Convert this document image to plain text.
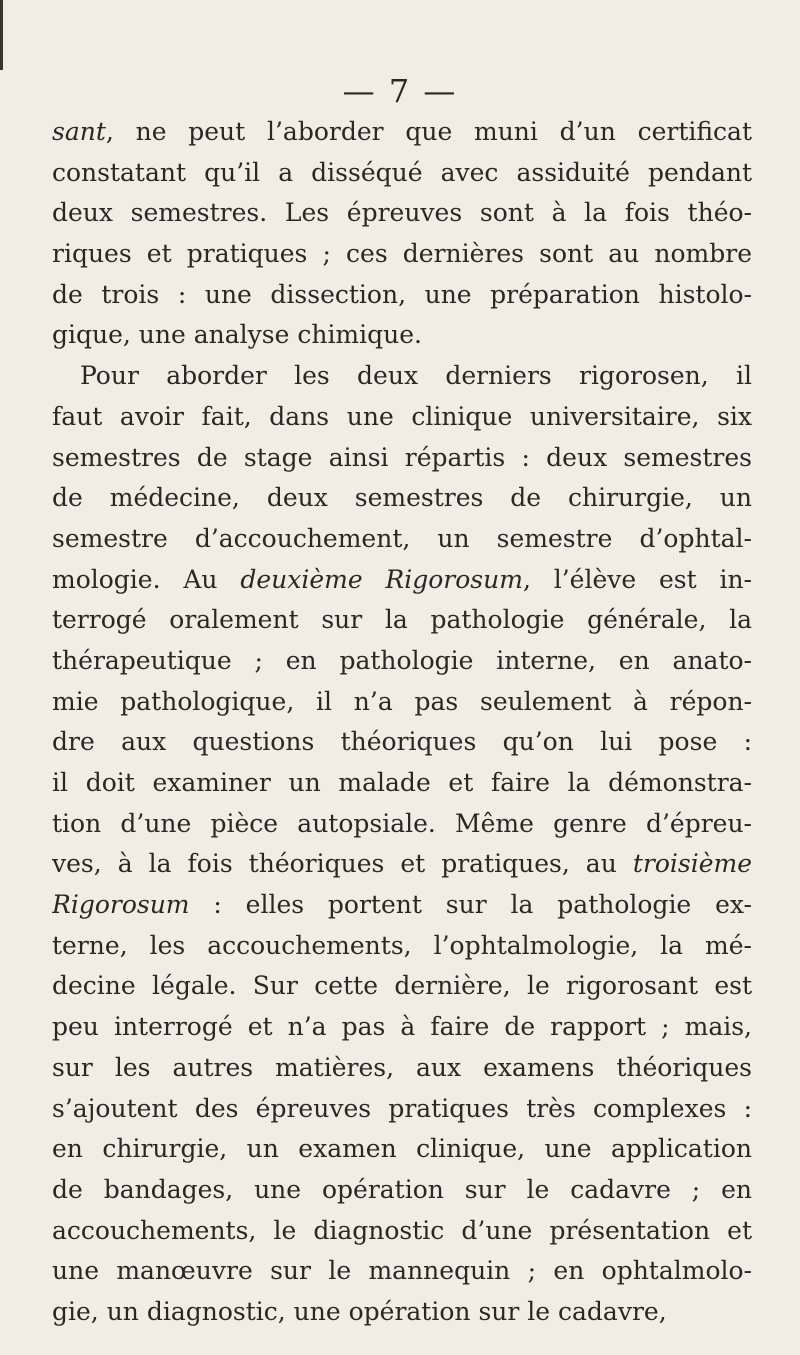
— 7 —
sant, ne peut l’aborder que muni d’un certificat
constatant qu’il a disséqué avec assiduité pendant
deux semestres. Les épreuves sont à la fois théo-
riques et pratiques ; ces dernières sont au nombre
de trois : une dissection, une préparation histolo-
gique, une analyse chimique.
Pour aborder les deux derniers rigorosen, il
faut avoir fait, dans une clinique universitaire, six
semestres de stage ainsi répartis : deux semestres
de médecine, deux semestres de chirurgie, un
semestre d’accouchement, un semestre d’ophtal-
mologie. Au deuxième Rigorosum, l’élève est in-
terrogé oralement sur la pathologie générale, la
thérapeutique ; en pathologie interne, en anato-
mie pathologique, il n’a pas seulement à répon-
dre aux questions théoriques qu’on lui pose :
il doit examiner un malade et faire la démonstra-
tion d’une pièce autopsiale. Même genre d’épreu-
ves, à la fois théoriques et pratiques, au troisième
Rigorosum : elles portent sur la pathologie ex-
terne, les accouchements, l’ophtalmologie, la mé-
decine légale. Sur cette dernière, le rigorosant est
peu interrogé et n’a pas à faire de rapport ; mais,
sur les autres matières, aux examens théoriques
s’ajoutent des épreuves pratiques très complexes :
en chirurgie, un examen clinique, une application
de bandages, une opération sur le cadavre ; en
accouchements, le diagnostic d’une présentation et
une manœuvre sur le mannequin ; en ophtalmolo-
gie, un diagnostic, une opération sur le cadavre,
